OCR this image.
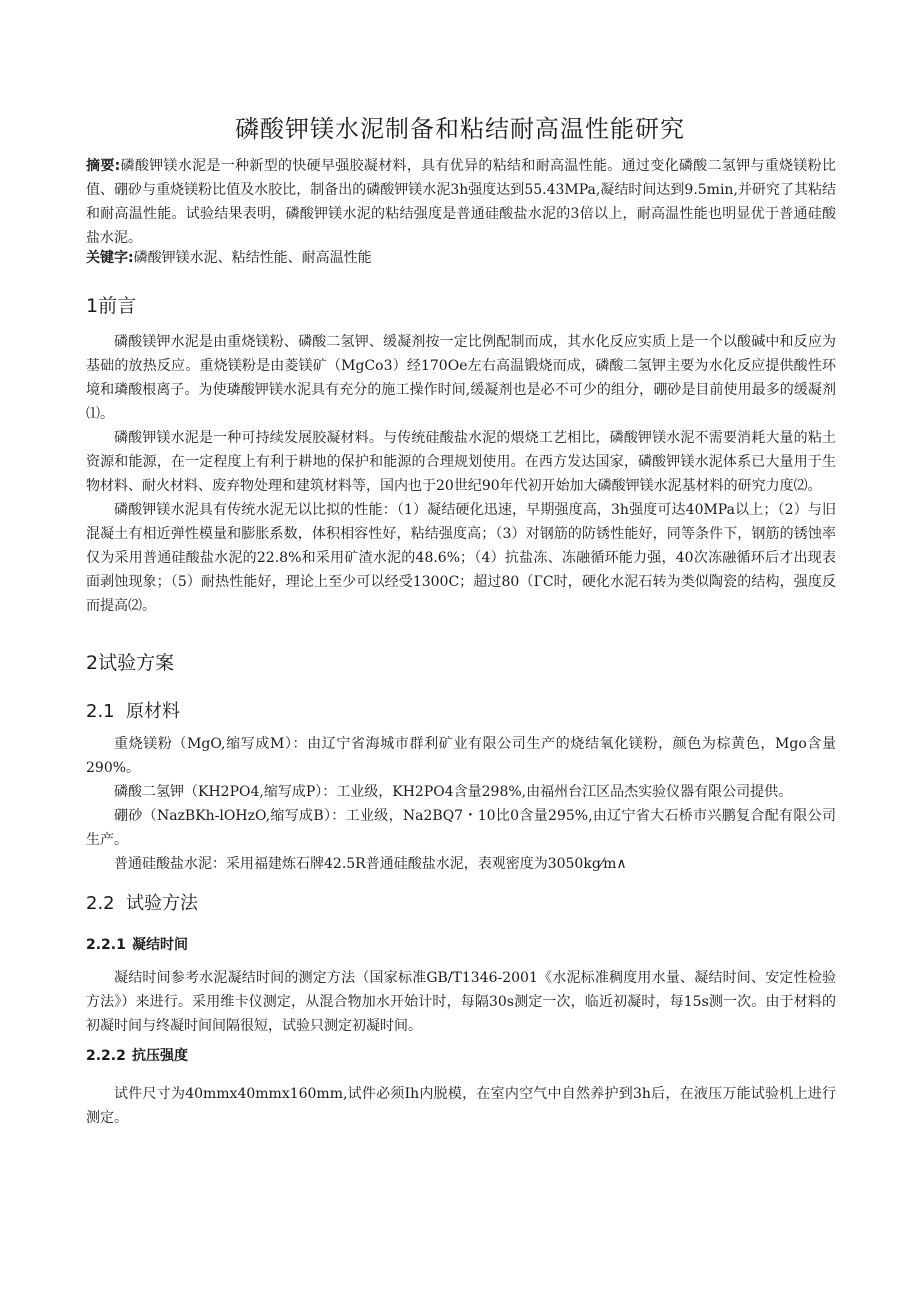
磷酸钾镁水泥制备和粘结耐高温性能研究
摘要:磷酸钾镁水泥是一种新型的快硬早强胶凝材料，具有优异的粘结和耐高温性能。通过变化磷酸二氢钾与重烧镁粉比值、硼砂与重烧镁粉比值及水胶比，制备出的磷酸钾镁水泥3h强度达到55.43MPa,凝结时间达到9.5min,并研究了其粘结和耐高温性能。试验结果表明，磷酸钾镁水泥的粘结强度是普通硅酸盐水泥的3倍以上，耐高温性能也明显优于普通硅酸盐水泥。
关键字:磷酸钾镁水泥、粘结性能、耐高温性能
1前言

磷酸镁钾水泥是由重烧镁粉、磷酸二氢钾、缓凝剂按一定比例配制而成，其水化反应实质上是一个以酸碱中和反应为基础的放热反应。重烧镁粉是由菱镁矿（MgCo3）经170Oe左右高温锻烧而成，磷酸二氢钾主要为水化反应提供酸性环境和璘酸根离子。为使璘酸钾镁水泥具有充分的施工操作时间,缓凝剂也是必不可少的组分，硼砂是目前使用最多的缓凝剂⑴。

磷酸钾镁水泥是一种可持续发展胶凝材料。与传统硅酸盐水泥的煨烧工艺相比，磷酸钾镁水泥不需要消耗大量的粘土资源和能源，在一定程度上有利于耕地的保护和能源的合理规划使用。在西方发达国家，磷酸钾镁水泥体系已大量用于生物材料、耐火材料、废弃物处理和建筑材料等，国内也于20世纪90年代初开始加大磷酸钾镁水泥基材料的研究力度⑵。

磷酸钾镁水泥具有传统水泥无以比拟的性能：（1）凝结硬化迅速，早期强度高，3h强度可达40MPa以上；（2）与旧混凝土有相近弹性模量和膨胀系数，体积相容性好，粘结强度高；（3）对钢筋的防锈性能好，同等条件下，钢筋的锈蚀率仅为采用普通硅酸盐水泥的22.8%和采用矿渣水泥的48.6%；（4）抗盐冻、冻融循环能力强，40次冻融循环后才出现表面剥蚀现象；（5）耐热性能好，理论上至少可以经受1300C；超过80（ГC时，硬化水泥石转为类似陶瓷的结构，强度反而提高⑵。

2试验方案
2.1 原材料

重烧镁粉（MgO,缩写成M）：由辽宁省海城市群利矿业有限公司生产的烧结氧化镁粉，颜色为棕黄色，Mgo含量290%。

磷酸二氢钾（KH2PO4,缩写成P）：工业级，KH2PO4含量298%,由福州台江区品杰实验仪器有限公司提供。

硼砂（NazBKh-lOHzO,缩写成B）：工业级，Na2BQ7・10比0含量295%,由辽宁省大石桥市兴鹏复合配有限公司生产。

普通硅酸盐水泥：采用福建炼石牌42.5R普通硅酸盐水泥，表观密度为3050kg⁄m∧

2.2 试验方法
2.2.1 凝结时间

凝结时间参考水泥凝结时间的测定方法（国家标准GB/T1346-2001《水泥标准稠度用水量、凝结时间、安定性检验方法》）来进行。采用维卡仪测定，从混合物加水开始计时，每隔30s测定一次，临近初凝时，每15s测一次。由于材料的初凝时间与终凝时间间隔很短，试验只测定初凝时间。

2.2.2 抗压强度

试件尺寸为40mmx40mmx160mm,试件必须Ih内脱模，在室内空气中自然养护到3h后，在液压万能试验机上进行测定。
